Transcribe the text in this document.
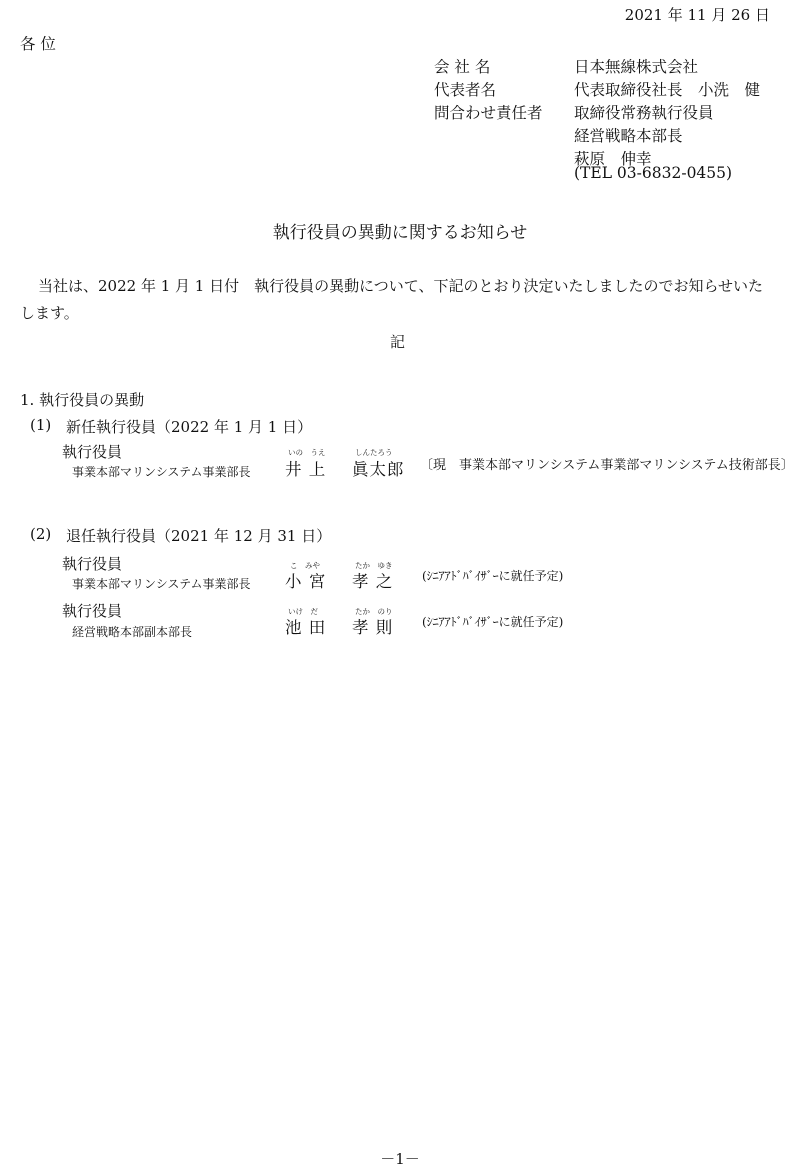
2021 年 11 月 26 日
各 位
会 社 名	日本無線株式会社
代表者名	代表取締役社長　小洗　健
問合わせ責任者 取締役常務執行役員
経営戦略本部長
萩原　伸幸
(TEL 03-6832-0455)
執行役員の異動に関するお知らせ
当社は、2022 年 1 月 1 日付　執行役員の異動について、下記のとおり決定いたしましたのでお知らせいた
します。
記
1. 執行役員の異動
(1) 新任執行役員（2022 年 1 月 1 日）
執行役員
事業本部マリンシステム事業部長
いの　うえ
井 上
しんたろう
眞太郎 〔現　事業本部マリンシステム事業部マリンシステム技術部長〕
(2) 退任執行役員（2021 年 12 月 31 日）
執行役員
事業本部マリンシステム事業部長
こ　みや
小 宮
たか　ゆき
孝 之 (ｼﾆｱｱﾄﾞﾊﾞｲｻﾞｰに就任予定)
執行役員
経営戦略本部副本部長
いけ　だ
池 田
たか　のり
孝 則 (ｼﾆｱｱﾄﾞﾊﾞｲｻﾞｰに就任予定)
－1－
